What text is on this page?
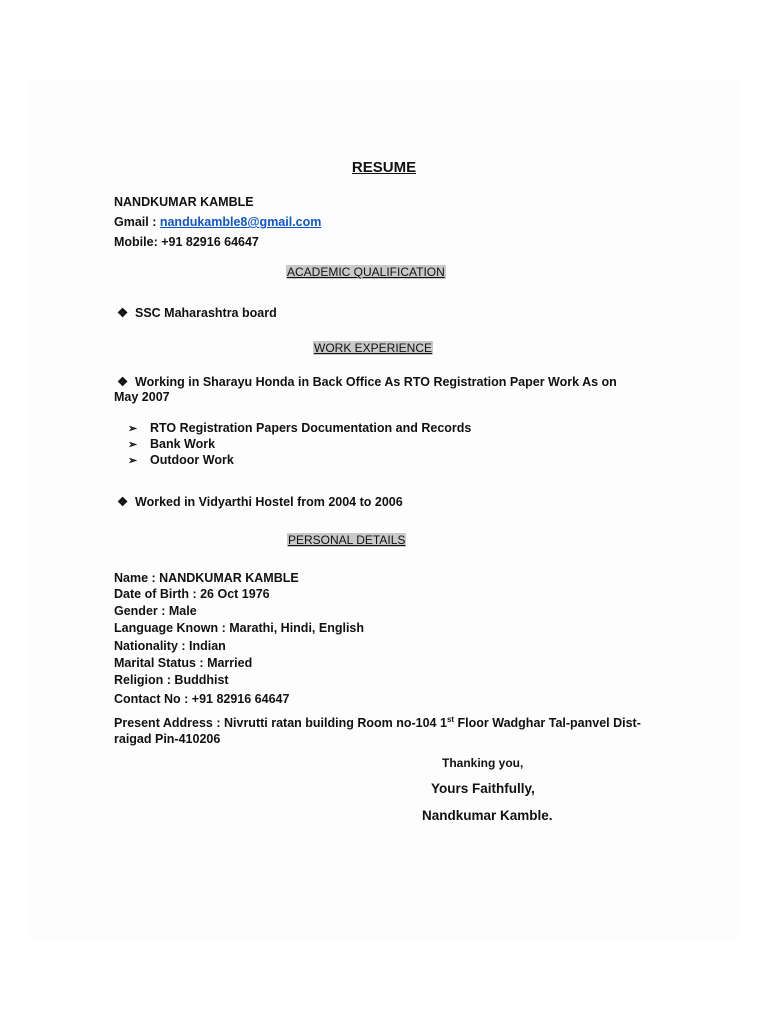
RESUME
NANDKUMAR KAMBLE
Gmail : nandukamble8@gmail.com
Mobile: +91 82916 64647
ACADEMIC QUALIFICATION
❖ SSC Maharashtra board
WORK EXPERIENCE
❖ Working in Sharayu Honda in Back Office As RTO Registration Paper Work As on
May 2007
➢ RTO Registration Papers Documentation and Records
➢ Bank Work
➢ Outdoor Work
❖ Worked in Vidyarthi Hostel from 2004 to 2006
PERSONAL DETAILS
Name : NANDKUMAR KAMBLE
Date of Birth : 26 Oct 1976
Gender : Male
Language Known : Marathi, Hindi, English
Nationality : Indian
Marital Status : Married
Religion : Buddhist
Contact No : +91 82916 64647
Present Address : Nivrutti ratan building Room no-104 1st Floor Wadghar Tal-panvel Dist-
raigad Pin-410206
Thanking you,
Yours Faithfully,
Nandkumar Kamble.
